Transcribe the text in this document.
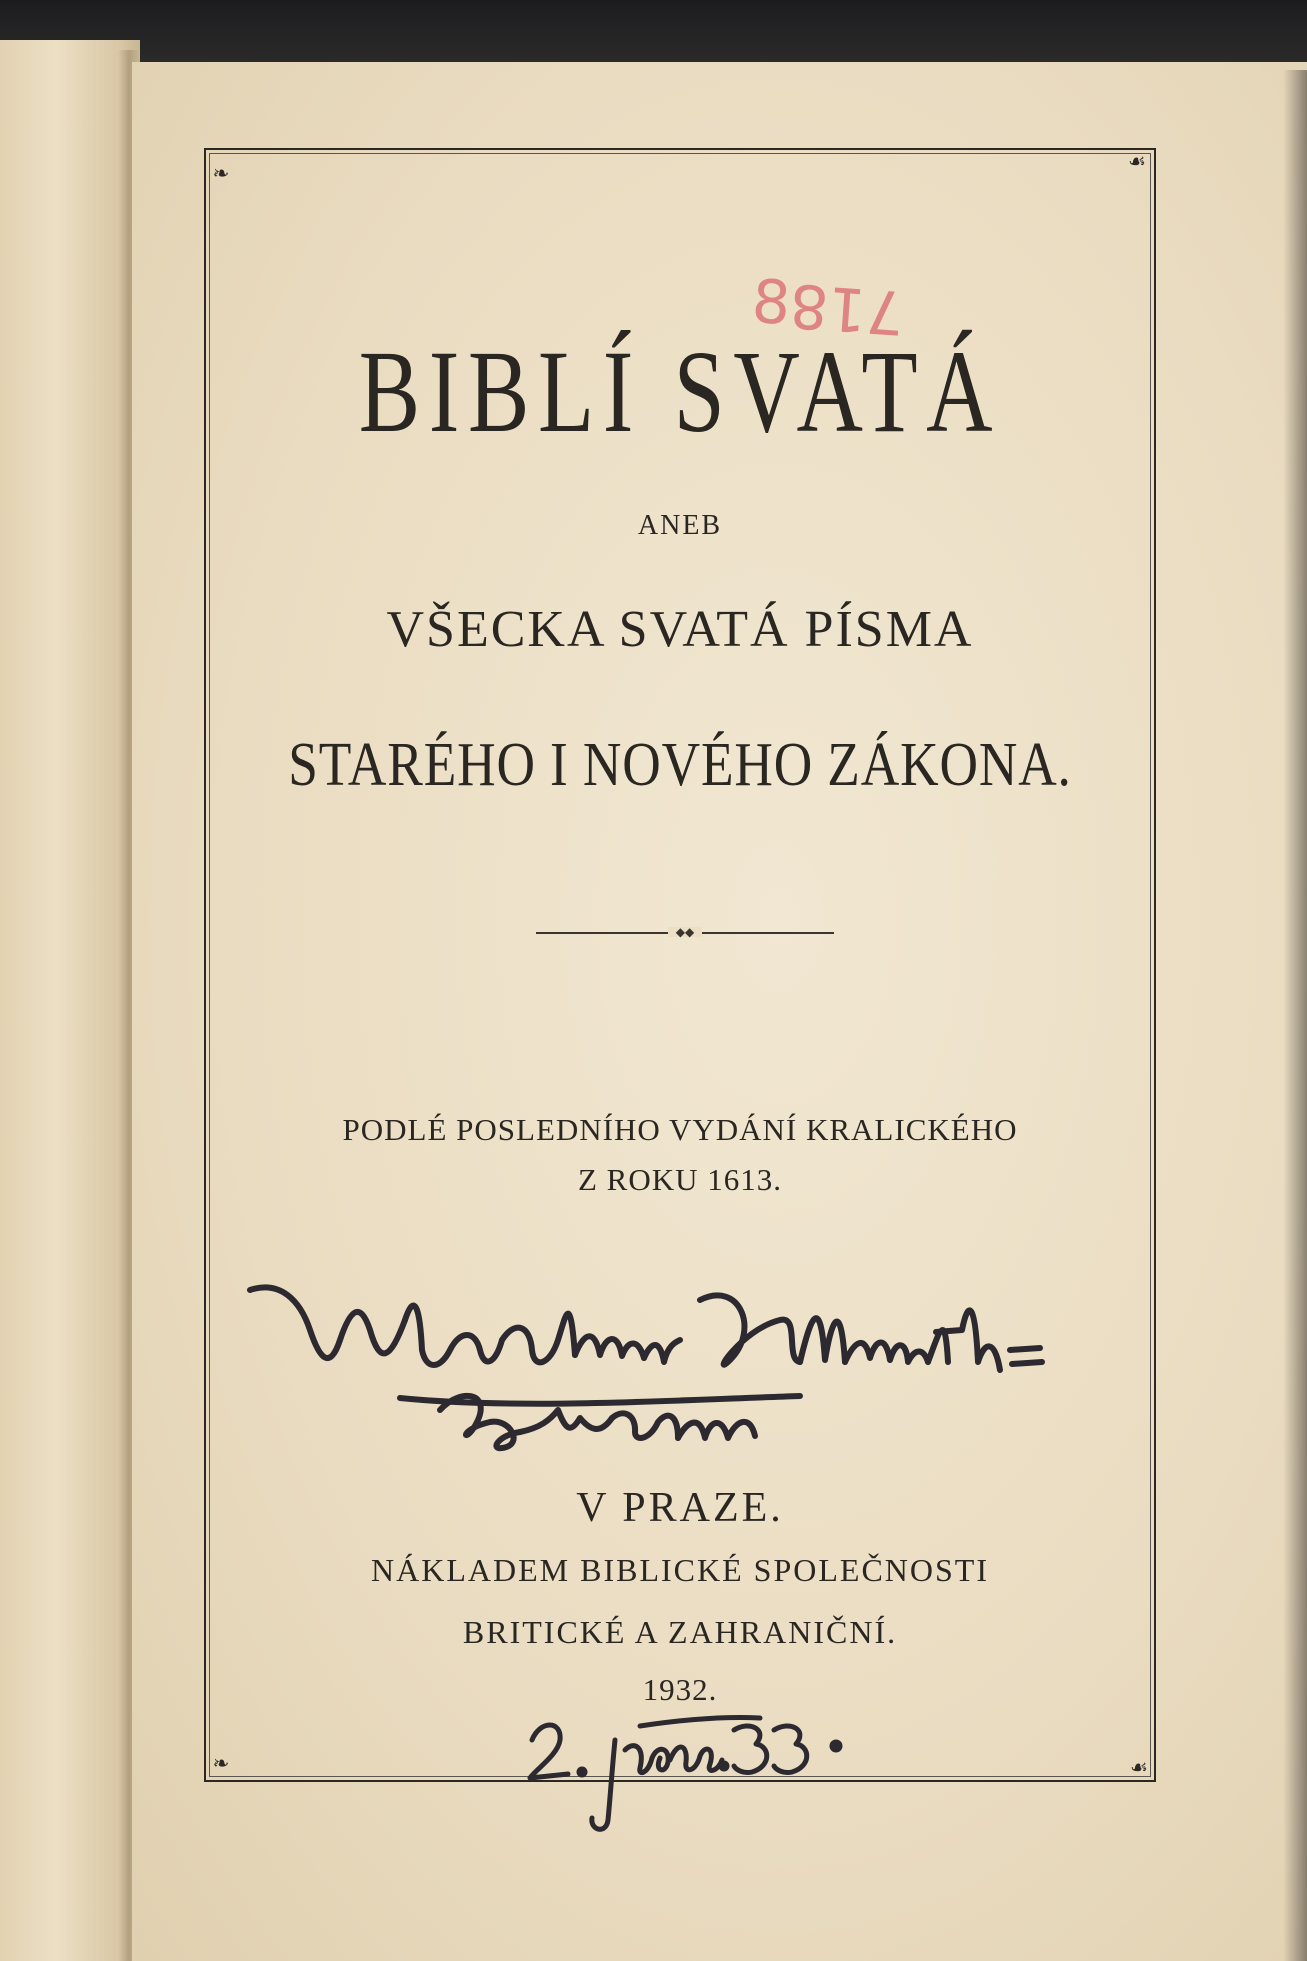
❧	☙
❧	☙
8718
BIBLÍ SVATÁ
ANEB
VŠECKA SVATÁ PÍSMA
STARÉHO I NOVÉHO ZÁKONA.
◆◆
PODLÉ POSLEDNÍHO VYDÁNÍ KRALICKÉHO
Z ROKU 1613.
V PRAZE.
NÁKLADEM BIBLICKÉ SPOLEČNOSTI
BRITICKÉ A ZAHRANIČNÍ.
1932.
